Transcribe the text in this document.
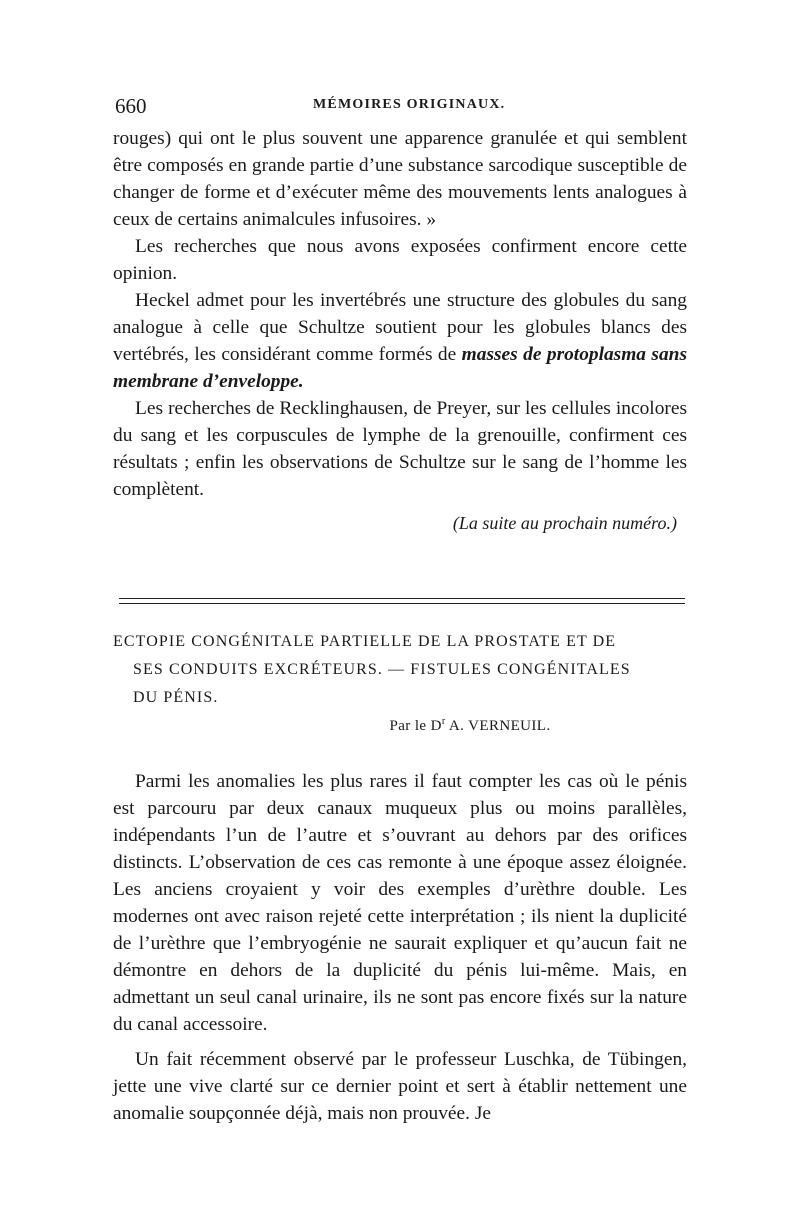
660	MÉMOIRES ORIGINAUX.

rouges) qui ont le plus souvent une apparence granulée et qui semblent être composés en grande partie d’une substance sarcodique susceptible de changer de forme et d’exécuter même des mouvements lents analogues à ceux de certains animalcules infusoires. »

Les recherches que nous avons exposées confirment encore cette opinion.

Heckel admet pour les invertébrés une structure des globules du sang analogue à celle que Schultze soutient pour les globules blancs des vertébrés, les considérant comme formés de masses de protoplasma sans membrane d’enveloppe.

Les recherches de Recklinghausen, de Preyer, sur les cellules incolores du sang et les corpuscules de lymphe de la grenouille, confirment ces résultats ; enfin les observations de Schultze sur le sang de l’homme les complètent.

(La suite au prochain numéro.)

ECTOPIE CONGÉNITALE PARTIELLE DE LA PROSTATE ET DE

SES CONDUITS EXCRÉTEURS. — FISTULES CONGÉNITALES

DU PÉNIS.

Par le $D^r$ A. VERNEUIL.

Parmi les anomalies les plus rares il faut compter les cas où le pénis est parcouru par deux canaux muqueux plus ou moins parallèles, indépendants l’un de l’autre et s’ouvrant au dehors par des orifices distincts. L’observation de ces cas remonte à une époque assez éloignée. Les anciens croyaient y voir des exemples d’urèthre double. Les modernes ont avec raison rejeté cette interprétation ; ils nient la duplicité de l’urèthre que l’embryogénie ne saurait expliquer et qu’aucun fait ne démontre en dehors de la duplicité du pénis lui-même. Mais, en admettant un seul canal urinaire, ils ne sont pas encore fixés sur la nature du canal accessoire.

Un fait récemment observé par le professeur Luschka, de Tübingen, jette une vive clarté sur ce dernier point et sert à établir nettement une anomalie soupçonnée déjà, mais non prouvée. Je
